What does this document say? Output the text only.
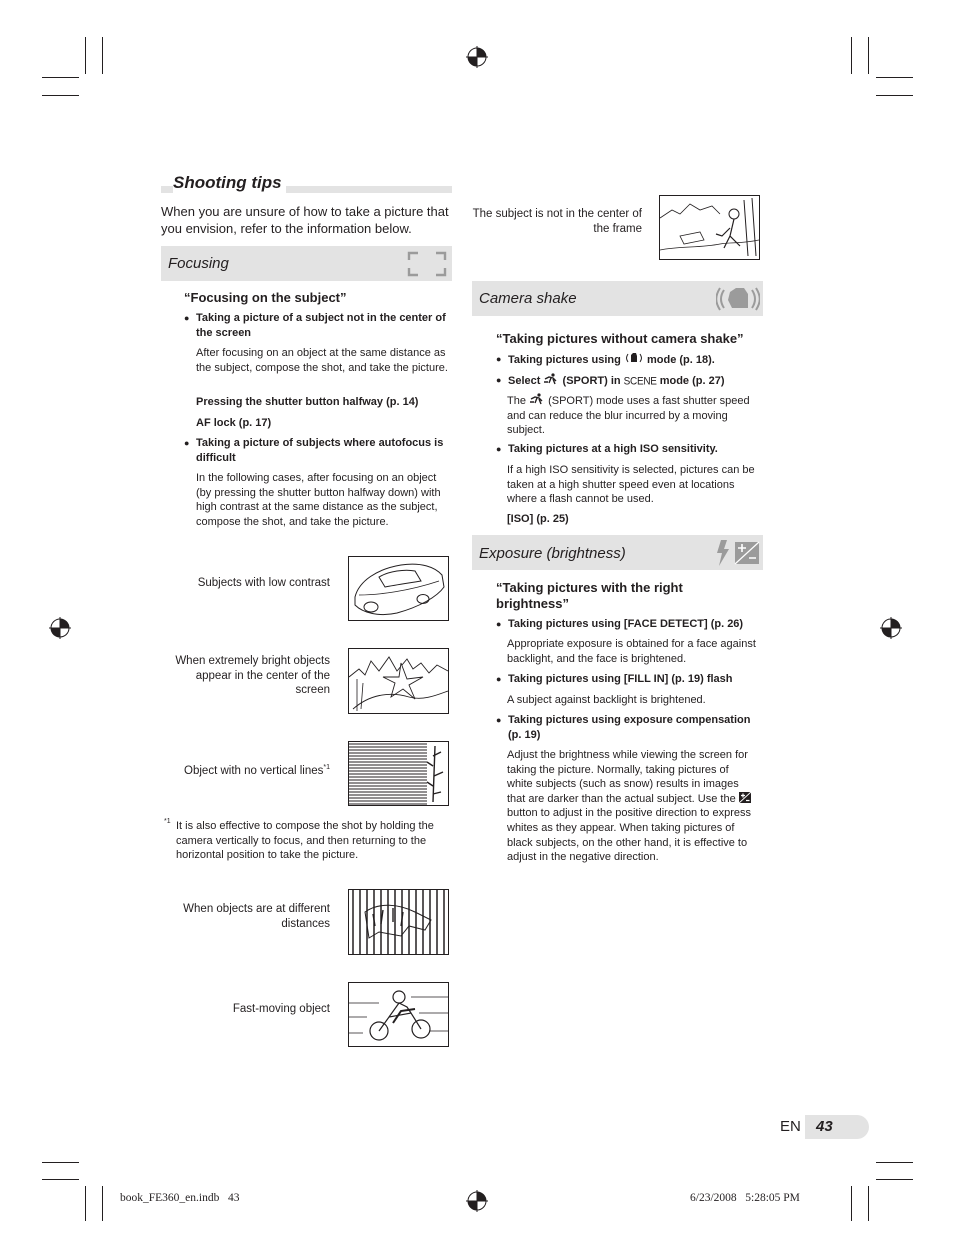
Shooting tips
When you are unsure of how to take a picture that you envision, refer to the information below.
Focusing
“Focusing on the subject”
● Taking a picture of a subject not in the center of the screen
After focusing on an object at the same distance as the subject, compose the shot, and take the picture.
Pressing the shutter button halfway (p. 14)
AF lock (p. 17)
● Taking a picture of subjects where autofocus is difficult
In the following cases, after focusing on an object (by pressing the shutter button halfway down) with high contrast at the same distance as the subject, compose the shot, and take the picture.
Subjects with low contrast
When extremely bright objects appear in the center of the screen
Object with no vertical lines$^{*1}$
*1 It is also effective to compose the shot by holding the camera vertically to focus, and then returning to the horizontal position to take the picture.
When objects are at different distances
Fast-moving object
The subject is not in the center of the frame
Camera shake
“Taking pictures without camera shake”
● Taking pictures using mode (p. 18).
● Select (SPORT) in SCENE mode (p. 27)
The (SPORT) mode uses a fast shutter speed and can reduce the blur incurred by a moving subject.
● Taking pictures at a high ISO sensitivity.
If a high ISO sensitivity is selected, pictures can be taken at a high shutter speed even at locations where a flash cannot be used.
[ISO] (p. 25)
Exposure (brightness)
“Taking pictures with the right brightness”
● Taking pictures using [FACE DETECT] (p. 26)
Appropriate exposure is obtained for a face against backlight, and the face is brightened.
● Taking pictures using [FILL IN] (p. 19) flash
A subject against backlight is brightened.
● Taking pictures using exposure compensation (p. 19)
Adjust the brightness while viewing the screen for taking the picture. Normally, taking pictures of white subjects (such as snow) results in images that are darker than the actual subject. Use the  button to adjust in the positive direction to express whites as they appear. When taking pictures of black subjects, on the other hand, it is effective to adjust in the negative direction.
EN 43
book_FE360_en.indb   43	6/23/2008   5:28:05 PM
